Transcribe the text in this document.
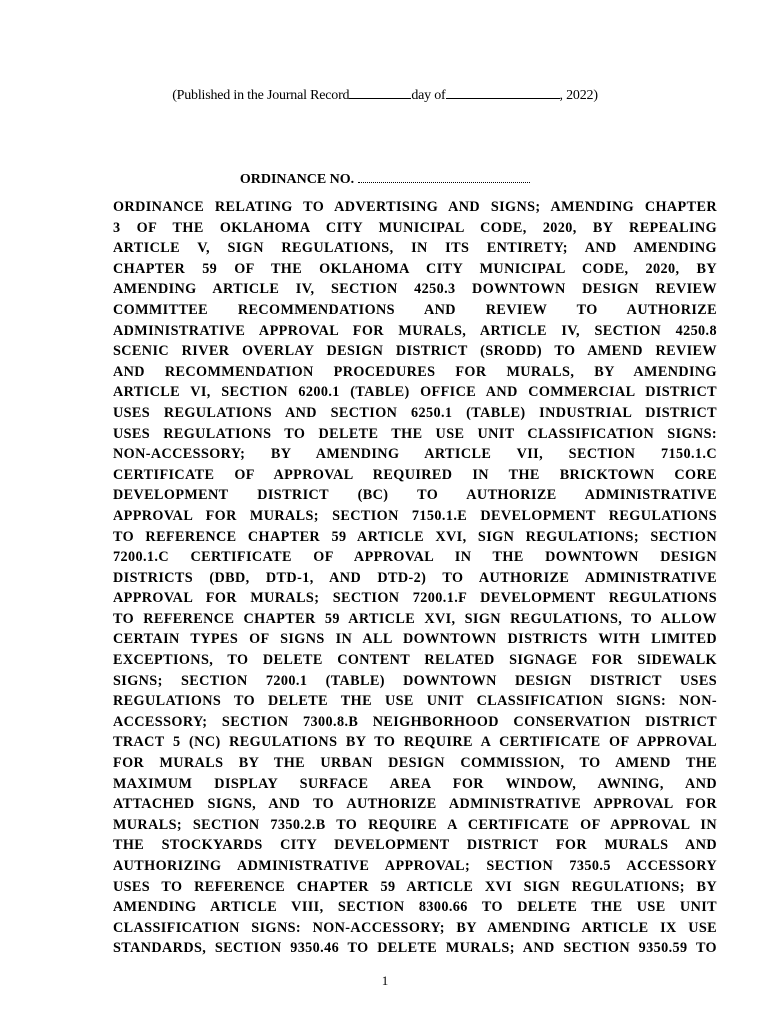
(Published in the Journal Record	day of	, 2022)
ORDINANCE NO.
ORDINANCE RELATING TO ADVERTISING AND SIGNS; AMENDING CHAPTER
3 OF THE OKLAHOMA CITY MUNICIPAL CODE, 2020, BY REPEALING
ARTICLE V, SIGN REGULATIONS, IN ITS ENTIRETY; AND AMENDING
CHAPTER 59 OF THE OKLAHOMA CITY MUNICIPAL CODE, 2020, BY
AMENDING ARTICLE IV, SECTION 4250.3 DOWNTOWN DESIGN REVIEW
COMMITTEE RECOMMENDATIONS AND REVIEW TO AUTHORIZE
ADMINISTRATIVE APPROVAL FOR MURALS, ARTICLE IV, SECTION 4250.8
SCENIC RIVER OVERLAY DESIGN DISTRICT (SRODD) TO AMEND REVIEW
AND RECOMMENDATION PROCEDURES FOR MURALS, BY AMENDING
ARTICLE VI, SECTION 6200.1 (TABLE) OFFICE AND COMMERCIAL DISTRICT
USES REGULATIONS AND SECTION 6250.1 (TABLE) INDUSTRIAL DISTRICT
USES REGULATIONS TO DELETE THE USE UNIT CLASSIFICATION SIGNS:
NON-ACCESSORY; BY AMENDING ARTICLE VII, SECTION 7150.1.C
CERTIFICATE OF APPROVAL REQUIRED IN THE BRICKTOWN CORE
DEVELOPMENT DISTRICT (BC) TO AUTHORIZE ADMINISTRATIVE
APPROVAL FOR MURALS; SECTION 7150.1.E DEVELOPMENT REGULATIONS
TO REFERENCE CHAPTER 59 ARTICLE XVI, SIGN REGULATIONS; SECTION
7200.1.C CERTIFICATE OF APPROVAL IN THE DOWNTOWN DESIGN
DISTRICTS (DBD, DTD-1, AND DTD-2) TO AUTHORIZE ADMINISTRATIVE
APPROVAL FOR MURALS; SECTION 7200.1.F DEVELOPMENT REGULATIONS
TO REFERENCE CHAPTER 59 ARTICLE XVI, SIGN REGULATIONS, TO ALLOW
CERTAIN TYPES OF SIGNS IN ALL DOWNTOWN DISTRICTS WITH LIMITED
EXCEPTIONS, TO DELETE CONTENT RELATED SIGNAGE FOR SIDEWALK
SIGNS; SECTION 7200.1 (TABLE) DOWNTOWN DESIGN DISTRICT USES
REGULATIONS TO DELETE THE USE UNIT CLASSIFICATION SIGNS: NON-
ACCESSORY; SECTION 7300.8.B NEIGHBORHOOD CONSERVATION DISTRICT
TRACT 5 (NC) REGULATIONS BY TO REQUIRE A CERTIFICATE OF APPROVAL
FOR MURALS BY THE URBAN DESIGN COMMISSION, TO AMEND THE
MAXIMUM DISPLAY SURFACE AREA FOR WINDOW, AWNING, AND
ATTACHED SIGNS, AND TO AUTHORIZE ADMINISTRATIVE APPROVAL FOR
MURALS; SECTION 7350.2.B TO REQUIRE A CERTIFICATE OF APPROVAL IN
THE STOCKYARDS CITY DEVELOPMENT DISTRICT FOR MURALS AND
AUTHORIZING ADMINISTRATIVE APPROVAL; SECTION 7350.5 ACCESSORY
USES TO REFERENCE CHAPTER 59 ARTICLE XVI SIGN REGULATIONS; BY
AMENDING ARTICLE VIII, SECTION 8300.66 TO DELETE THE USE UNIT
CLASSIFICATION SIGNS: NON-ACCESSORY; BY AMENDING ARTICLE IX USE
STANDARDS, SECTION 9350.46 TO DELETE MURALS; AND SECTION 9350.59 TO
1
